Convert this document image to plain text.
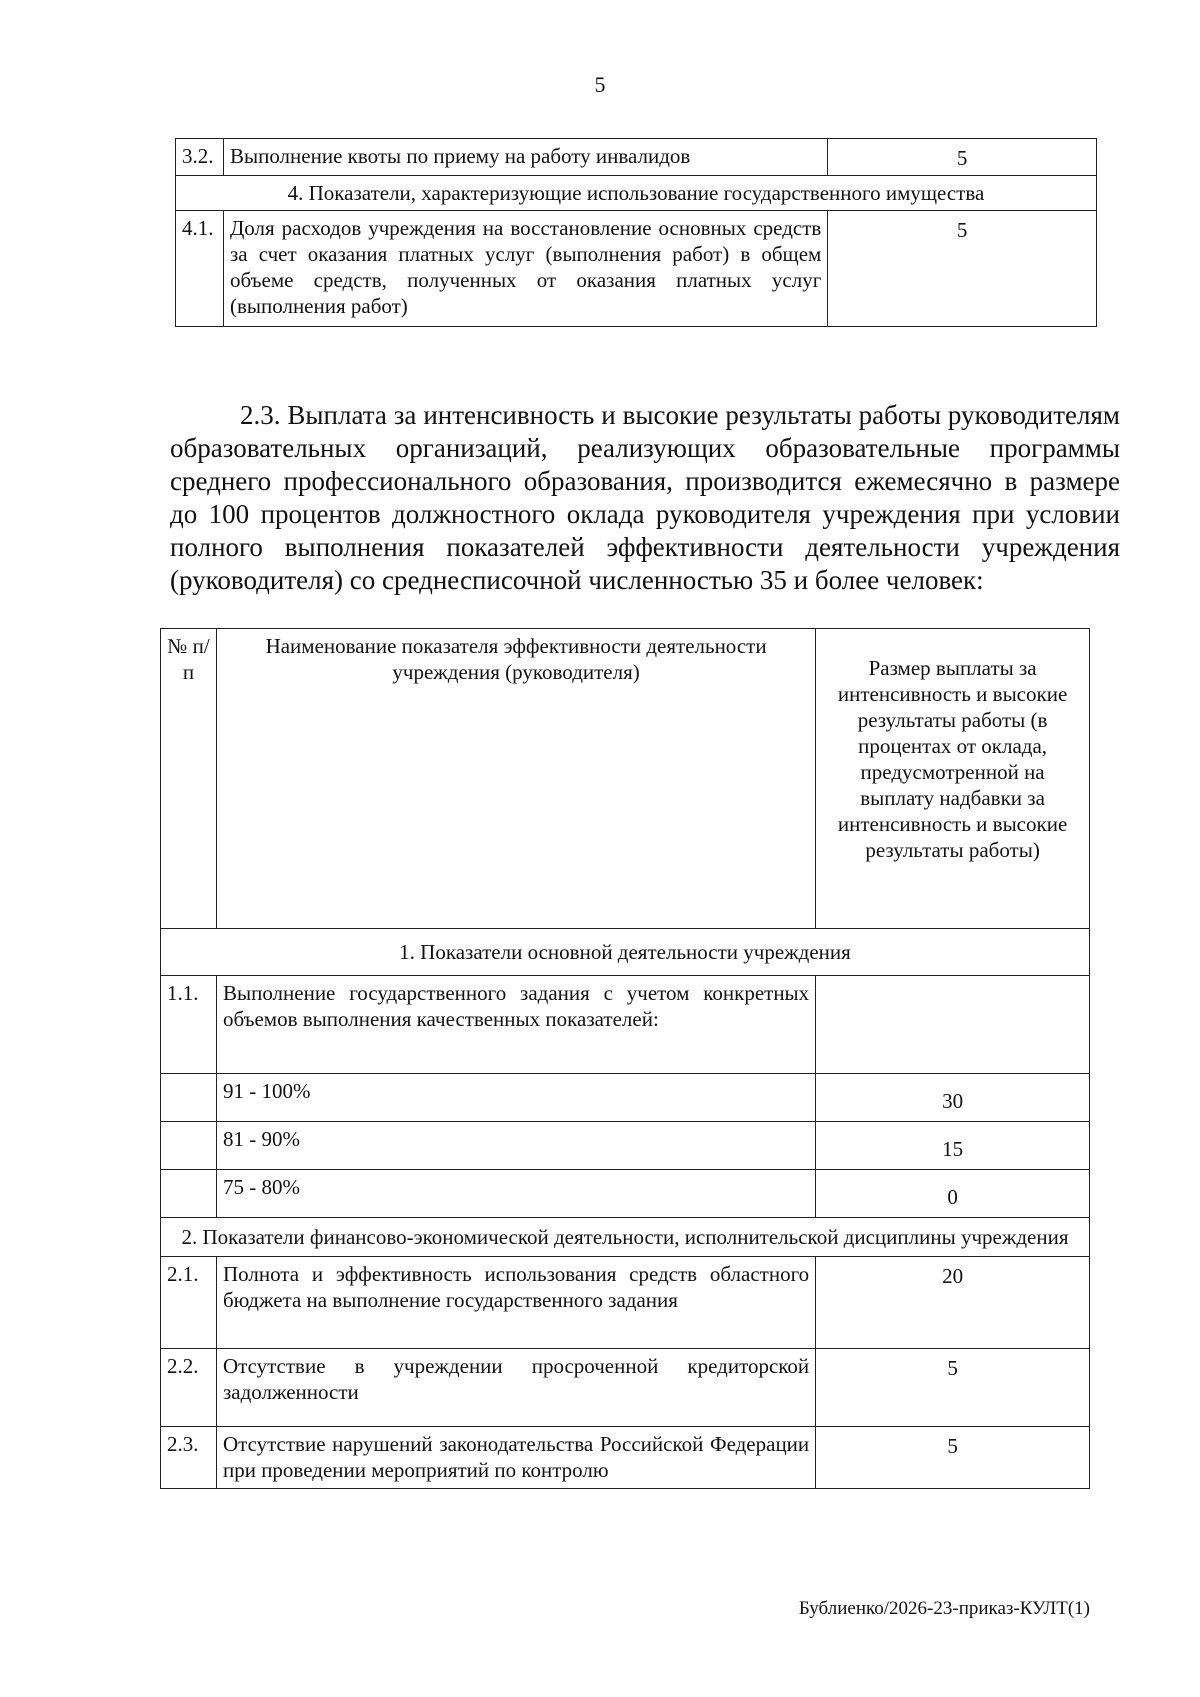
5
3.2.	Выполнение квоты по приему на работу инвалидов	5
4. Показатели, характеризующие использование государственного имущества		
4.1.	Доля расходов учреждения на восстановление основных средств за счет оказания платных услуг (выполнения работ) в общем объеме средств, полученных от оказания платных услуг (выполнения работ)	5

2.3. Выплата за интенсивность и высокие результаты работы руководителям образовательных организаций, реализующих образовательные программы среднего профессионального образования, производится ежемесячно в размере до 100 процентов должностного оклада руководителя учреждения при условии полного выполнения показателей эффективности деятельности учреждения (руководителя) со среднесписочной численностью 35 и более человек:

№ п/п	Наименование показателя эффективности деятельности учреждения (руководителя)	Размер выплаты за интенсивность и высокие результаты работы (в процентах от оклада, предусмотренной на выплату надбавки за интенсивность и высокие результаты работы)
1. Показатели основной деятельности учреждения		
1.1.	Выполнение государственного задания с учетом конкретных объемов выполнения качественных показателей:	
	91 - 100%	30
	81 - 90%	15
	75 - 80%	0
2. Показатели финансово-экономической деятельности, исполнительской дисциплины учреждения		
2.1.	Полнота и эффективность использования средств областного бюджета на выполнение государственного задания	20
2.2.	Отсутствие в учреждении просроченной кредиторской задолженности	5
2.3.	Отсутствие нарушений законодательства Российской Федерации при проведении мероприятий по контролю	5
Бублиенко/2026-23-приказ-КУЛТ(1)
